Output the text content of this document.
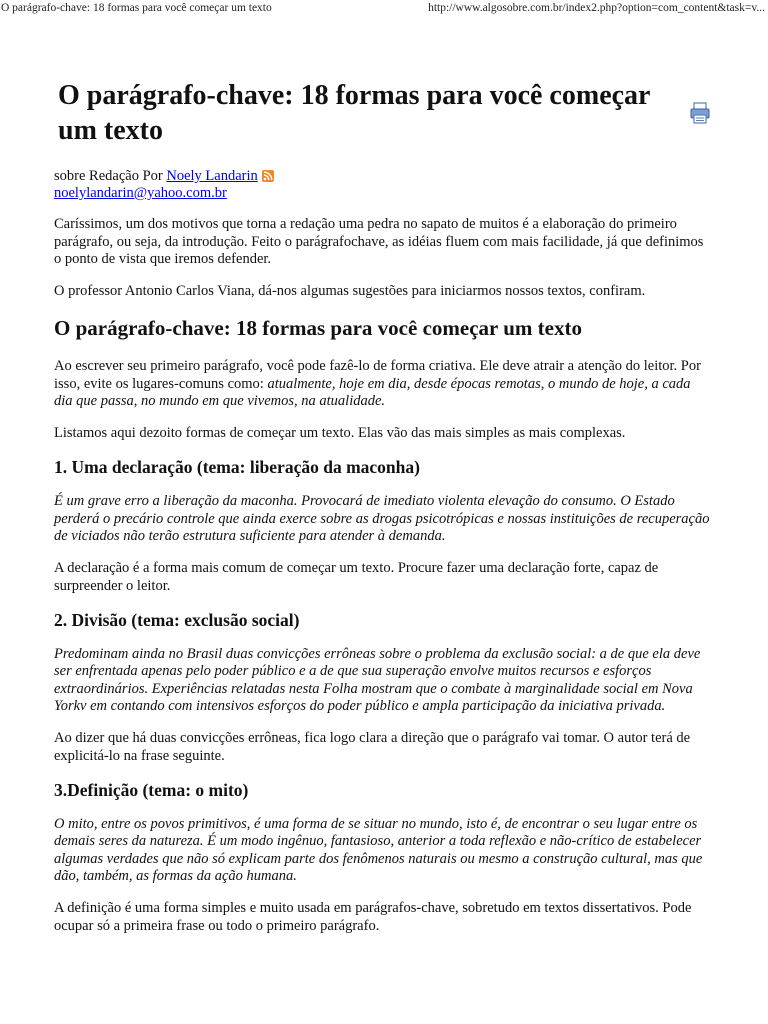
O parágrafo-chave: 18 formas para você começar um texto	http://www.algosobre.com.br/index2.php?option=com_content&task=v...
O parágrafo-chave: 18 formas para você começar um texto
sobre Redação Por Noely Landarin
noelylandarin@yahoo.com.br

Caríssimos, um dos motivos que torna a redação uma pedra no sapato de muitos é a elaboração do primeiro parágrafo, ou seja, da introdução. Feito o parágrafochave, as idéias fluem com mais facilidade, já que definimos o ponto de vista que iremos defender.

O professor Antonio Carlos Viana, dá-nos algumas sugestões para iniciarmos nossos textos, confiram.

O parágrafo-chave: 18 formas para você começar um texto

Ao escrever seu primeiro parágrafo, você pode fazê-lo de forma criativa. Ele deve atrair a atenção do leitor. Por isso, evite os lugares-comuns como: atualmente, hoje em dia, desde épocas remotas, o mundo de hoje, a cada dia que passa, no mundo em que vivemos, na atualidade.

Listamos aqui dezoito formas de começar um texto. Elas vão das mais simples as mais complexas.

1. Uma declaração (tema: liberação da maconha)

É um grave erro a liberação da maconha. Provocará de imediato violenta elevação do consumo. O Estado perderá o precário controle que ainda exerce sobre as drogas psicotrópicas e nossas instituições de recuperação de viciados não terão estrutura suficiente para atender à demanda.

A declaração é a forma mais comum de começar um texto. Procure fazer uma declaração forte, capaz de surpreender o leitor.

2. Divisão (tema: exclusão social)

Predominam ainda no Brasil duas convicções errôneas sobre o problema da exclusão social: a de que ela deve ser enfrentada apenas pelo poder público e a de que sua superação envolve muitos recursos e esforços extraordinários. Experiências relatadas nesta Folha mostram que o combate à marginalidade social em Nova Yorkv em contando com intensivos esforços do poder público e ampla participação da iniciativa privada.

Ao dizer que há duas convicções errôneas, fica logo clara a direção que o parágrafo vai tomar. O autor terá de explicitá-lo na frase seguinte.

3.Definição (tema: o mito)

O mito, entre os povos primitivos, é uma forma de se situar no mundo, isto é, de encontrar o seu lugar entre os demais seres da natureza. É um modo ingênuo, fantasioso, anterior a toda reflexão e não-crítico de estabelecer algumas verdades que não só explicam parte dos fenômenos naturais ou mesmo a construção cultural, mas que dão, também, as formas da ação humana.

A definição é uma forma simples e muito usada em parágrafos-chave, sobretudo em textos dissertativos. Pode ocupar só a primeira frase ou todo o primeiro parágrafo.
